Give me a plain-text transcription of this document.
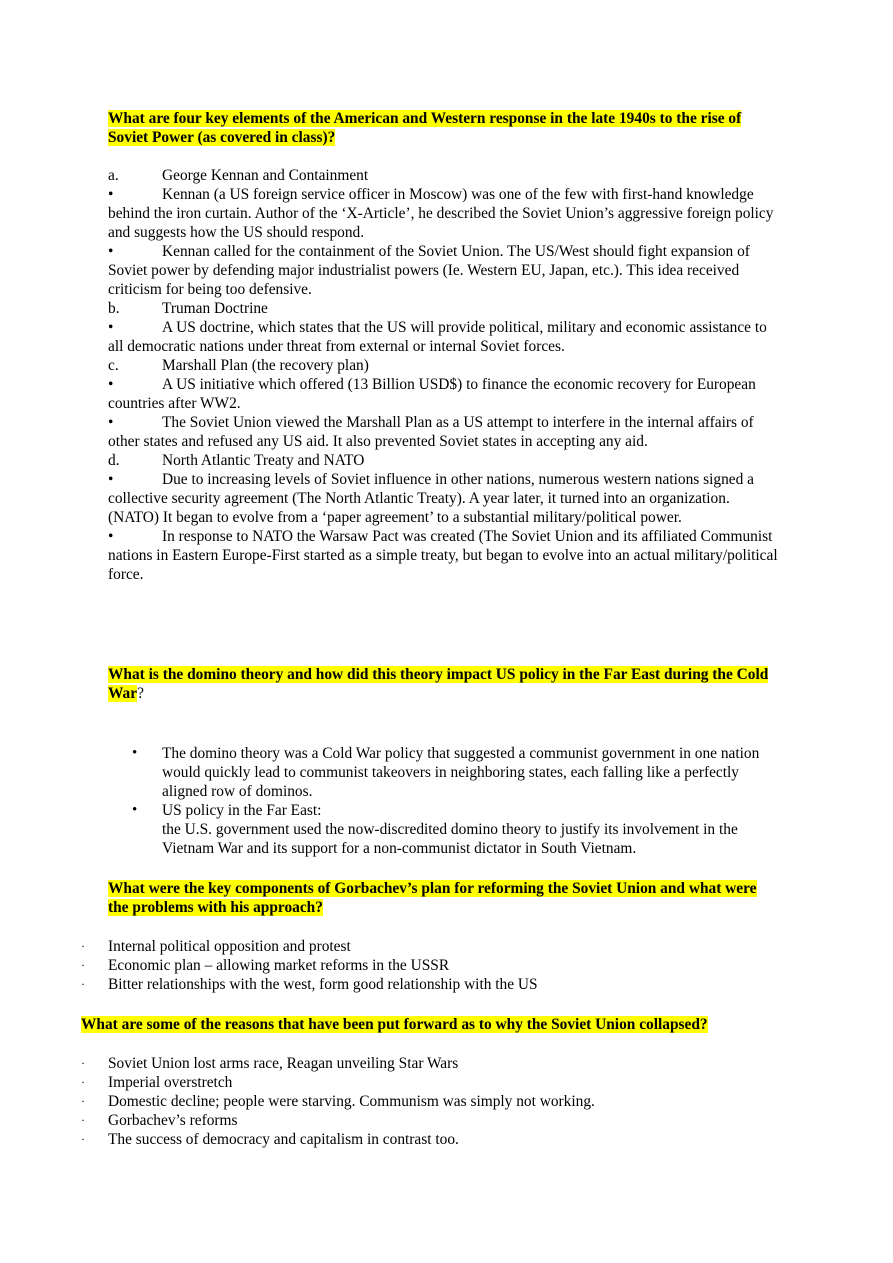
What are four key elements of the American and Western response in the late 1940s to the rise of Soviet Power (as covered in class)?

a.	George Kennan and Containment
•	Kennan (a US foreign service officer in Moscow) was one of the few with first-hand knowledge behind the iron curtain. Author of the ‘X-Article’, he described the Soviet Union’s aggressive foreign policy and suggests how the US should respond.
•	Kennan called for the containment of the Soviet Union. The US/West should fight expansion of Soviet power by defending major industrialist powers (Ie. Western EU, Japan, etc.). This idea received criticism for being too defensive.
b.	Truman Doctrine
•	A US doctrine, which states that the US will provide political, military and economic assistance to all democratic nations under threat from external or internal Soviet forces.
c.	Marshall Plan (the recovery plan)
•	A US initiative which offered (13 Billion USD$) to finance the economic recovery for European countries after WW2.
•	The Soviet Union viewed the Marshall Plan as a US attempt to interfere in the internal affairs of other states and refused any US aid. It also prevented Soviet states in accepting any aid.
d.	North Atlantic Treaty and NATO
•	Due to increasing levels of Soviet influence in other nations, numerous western nations signed a collective security agreement (The North Atlantic Treaty). A year later, it turned into an organization. (NATO) It began to evolve from a ‘paper agreement’ to a substantial military/political power.
•	In response to NATO the Warsaw Pact was created (The Soviet Union and its affiliated Communist nations in Eastern Europe-First started as a simple treaty, but began to evolve into an actual military/political force.

What is the domino theory and how did this theory impact US policy in the Far East during the Cold War?

•	The domino theory was a Cold War policy that suggested a communist government in one nation would quickly lead to communist takeovers in neighboring states, each falling like a perfectly aligned row of dominos.
•	US policy in the Far East:
the U.S. government used the now-discredited domino theory to justify its involvement in the Vietnam War and its support for a non-communist dictator in South Vietnam.

What were the key components of Gorbachev’s plan for reforming the Soviet Union and what were the problems with his approach?

·	Internal political opposition and protest
·	Economic plan – allowing market reforms in the USSR
·	Bitter relationships with the west, form good relationship with the US

What are some of the reasons that have been put forward as to why the Soviet Union collapsed?

·	Soviet Union lost arms race, Reagan unveiling Star Wars
·	Imperial overstretch
·	Domestic decline; people were starving. Communism was simply not working.
·	Gorbachev’s reforms
·	The success of democracy and capitalism in contrast too.
